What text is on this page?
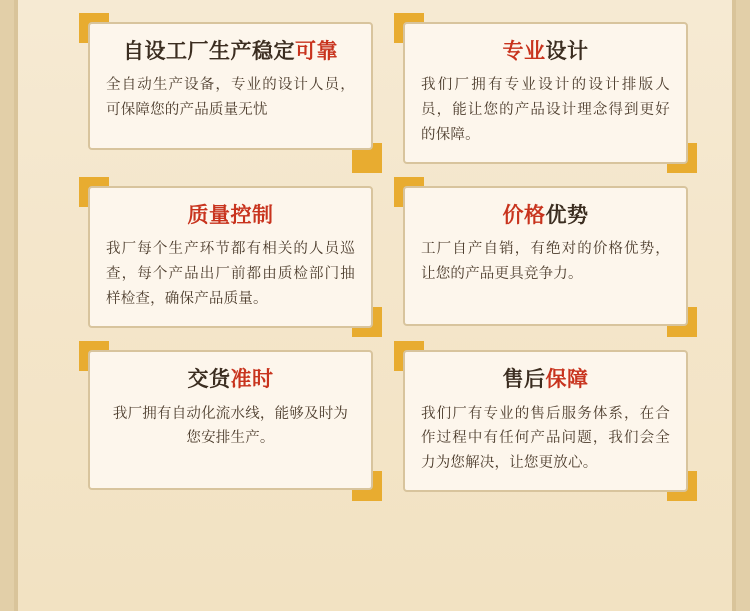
自设工厂生产稳定可靠
全自动生产设备，专业的设计人员，可保障您的产品质量无忧
专业设计
我们厂拥有专业设计的设计排版人员，能让您的产品设计理念得到更好的保障。
质量控制
我厂每个生产环节都有相关的人员巡查，每个产品出厂前都由质检部门抽样检查，确保产品质量。
价格优势
工厂自产自销，有绝对的价格优势，让您的产品更具竞争力。
交货准时
我厂拥有自动化流水线，能够及时为您安排生产。
售后保障
我们厂有专业的售后服务体系，在合作过程中有任何产品问题，我们会全力为您解决，让您更放心。
